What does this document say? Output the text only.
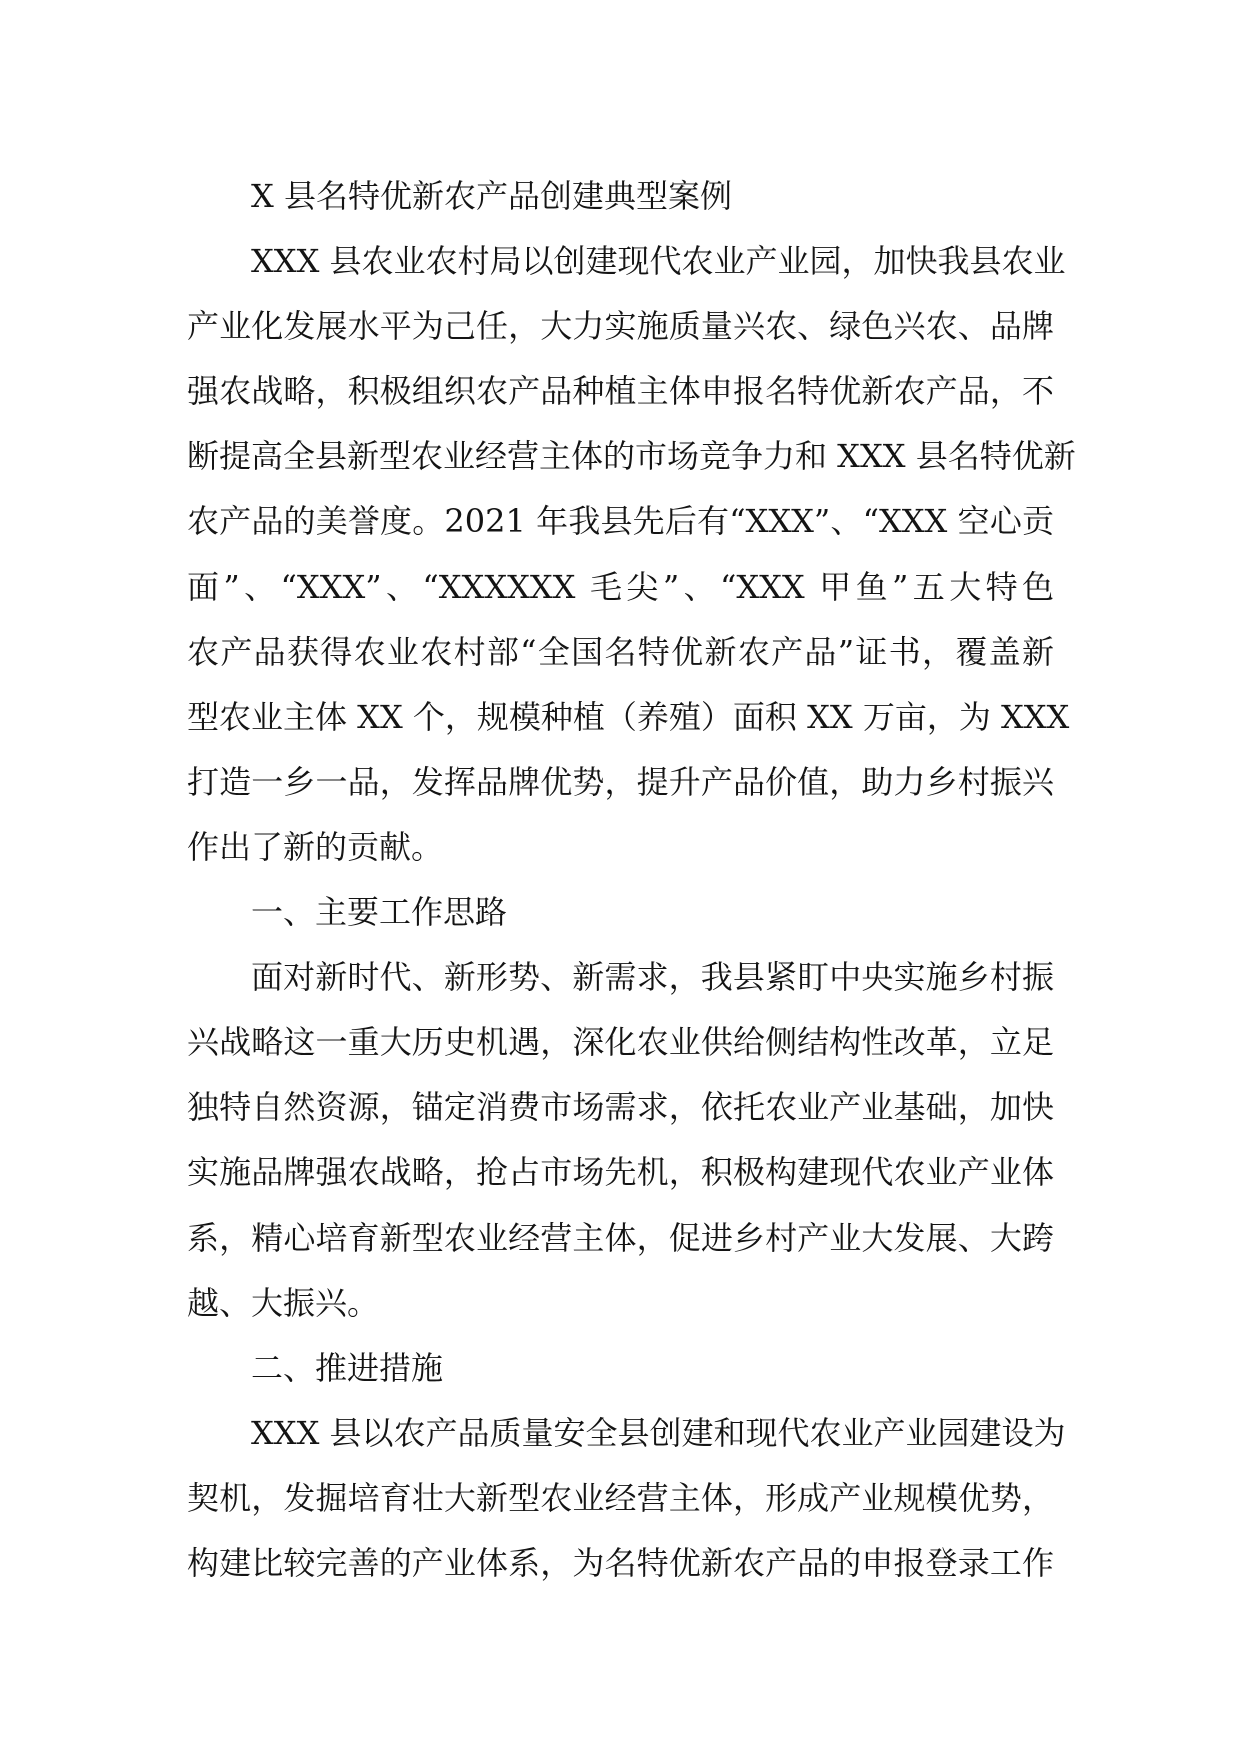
X 县名特优新农产品创建典型案例
XXX 县农业农村局以创建现代农业产业园，加快我县农业
产业化发展水平为己任，大力实施质量兴农、绿色兴农、品牌
强农战略，积极组织农产品种植主体申报名特优新农产品，不
断提高全县新型农业经营主体的市场竞争力和 XXX 县名特优新
农产品的美誉度。2021 年我县先后有“XXX”、“XXX 空心贡
面”、“XXX”、“XXXXXX 毛尖”、“XXX 甲鱼”五大特色
农产品获得农业农村部“全国名特优新农产品”证书，覆盖新
型农业主体 XX 个，规模种植（养殖）面积 XX 万亩，为 XXX
打造一乡一品，发挥品牌优势，提升产品价值，助力乡村振兴
作出了新的贡献。
一、主要工作思路
面对新时代、新形势、新需求，我县紧盯中央实施乡村振
兴战略这一重大历史机遇，深化农业供给侧结构性改革，立足
独特自然资源，锚定消费市场需求，依托农业产业基础，加快
实施品牌强农战略，抢占市场先机，积极构建现代农业产业体
系，精心培育新型农业经营主体，促进乡村产业大发展、大跨
越、大振兴。
二、推进措施
XXX 县以农产品质量安全县创建和现代农业产业园建设为
契机，发掘培育壮大新型农业经营主体，形成产业规模优势，
构建比较完善的产业体系，为名特优新农产品的申报登录工作
